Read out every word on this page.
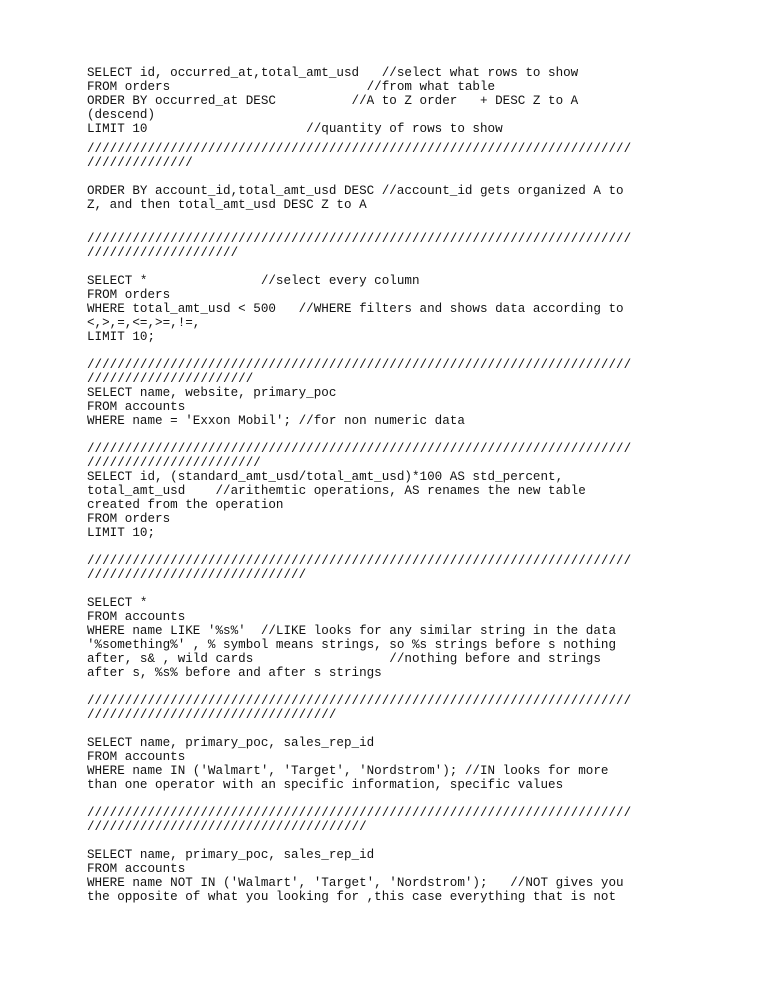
SELECT id, occurred_at,total_amt_usd   //select what rows to show
FROM orders                          //from what table
ORDER BY occurred_at DESC          //A to Z order   + DESC Z to A
(descend)
LIMIT 10                     //quantity of rows to show
////////////////////////////////////////////////////////////////////////
//////////////
ORDER BY account_id,total_amt_usd DESC //account_id gets organized A to
Z, and then total_amt_usd DESC Z to A
////////////////////////////////////////////////////////////////////////
////////////////////
SELECT *               //select every column
FROM orders
WHERE total_amt_usd < 500   //WHERE filters and shows data according to
<,>,=,<=,>=,!=,
LIMIT 10;
////////////////////////////////////////////////////////////////////////
//////////////////////
SELECT name, website, primary_poc
FROM accounts
WHERE name = 'Exxon Mobil'; //for non numeric data
////////////////////////////////////////////////////////////////////////
///////////////////////
SELECT id, (standard_amt_usd/total_amt_usd)*100 AS std_percent,
total_amt_usd    //arithemtic operations, AS renames the new table
created from the operation
FROM orders
LIMIT 10;
////////////////////////////////////////////////////////////////////////
/////////////////////////////
SELECT *
FROM accounts
WHERE name LIKE '%s%'  //LIKE looks for any similar string in the data
'%something%' , % symbol means strings, so %s strings before s nothing
after, s& , wild cards                  //nothing before and strings
after s, %s% before and after s strings
////////////////////////////////////////////////////////////////////////
/////////////////////////////////
SELECT name, primary_poc, sales_rep_id
FROM accounts
WHERE name IN ('Walmart', 'Target', 'Nordstrom'); //IN looks for more
than one operator with an specific information, specific values
////////////////////////////////////////////////////////////////////////
/////////////////////////////////////
SELECT name, primary_poc, sales_rep_id
FROM accounts
WHERE name NOT IN ('Walmart', 'Target', 'Nordstrom');   //NOT gives you
the opposite of what you looking for ,this case everything that is not
